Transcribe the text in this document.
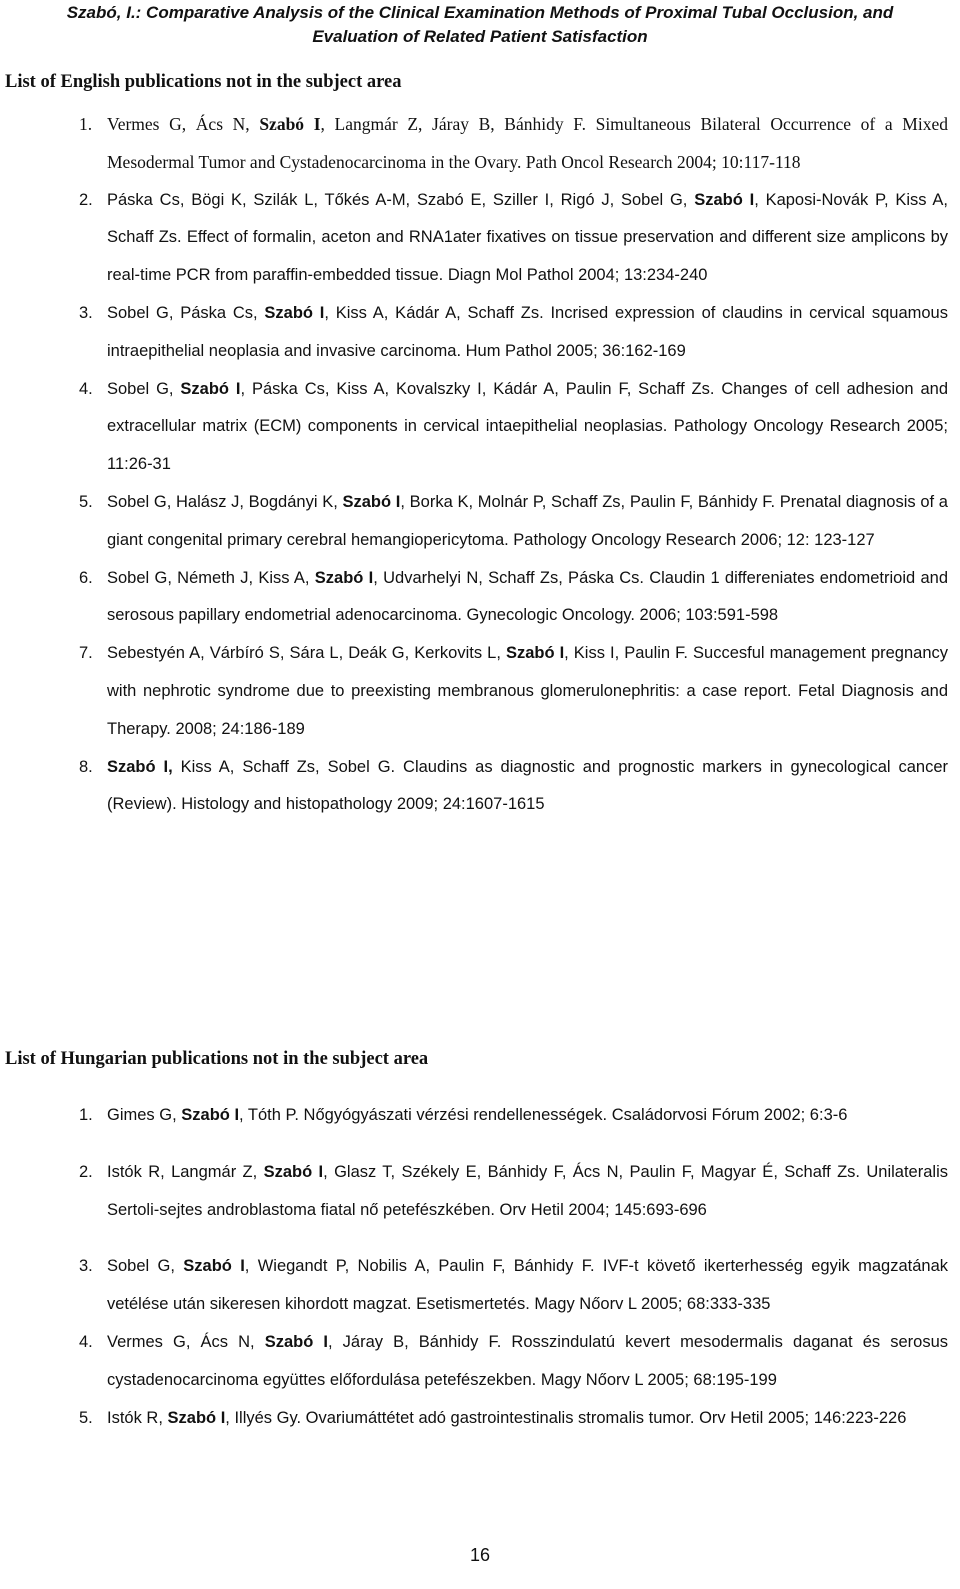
Szabó, I.: Comparative Analysis of the Clinical Examination Methods of Proximal Tubal Occlusion, and
Evaluation of Related Patient Satisfaction
List of English publications not in the subject area
1. Vermes G, Ács N, Szabó I, Langmár Z, Járay B, Bánhidy F. Simultaneous Bilateral Occurrence of a Mixed Mesodermal Tumor and Cystadenocarcinoma in the Ovary. Path Oncol Research 2004; 10:117-118
2. Páska Cs, Bögi K, Szilák L, Tőkés A-M, Szabó E, Sziller I, Rigó J, Sobel G, Szabó I, Kaposi-Novák P, Kiss A, Schaff Zs. Effect of formalin, aceton and RNA1ater fixatives on tissue preservation and different size amplicons by real-time PCR from paraffin-embedded tissue. Diagn Mol Pathol 2004; 13:234-240
3. Sobel G, Páska Cs, Szabó I, Kiss A, Kádár A, Schaff Zs. Incrised expression of claudins in cervical squamous intraepithelial neoplasia and invasive carcinoma. Hum Pathol 2005; 36:162-169
4. Sobel G, Szabó I, Páska Cs, Kiss A, Kovalszky I, Kádár A, Paulin F, Schaff Zs. Changes of cell adhesion and extracellular matrix (ECM) components in cervical intaepithelial neoplasias. Pathology Oncology Research 2005; 11:26-31
5. Sobel G, Halász J, Bogdányi K, Szabó I, Borka K, Molnár P, Schaff Zs, Paulin F, Bánhidy F. Prenatal diagnosis of a giant congenital primary cerebral hemangiopericytoma. Pathology Oncology Research 2006; 12: 123-127
6. Sobel G, Németh J, Kiss A, Szabó I, Udvarhelyi N, Schaff Zs, Páska Cs. Claudin 1 differeniates endometrioid and serosous papillary endometrial adenocarcinoma. Gynecologic Oncology. 2006; 103:591-598
7. Sebestyén A, Várbíró S, Sára L, Deák G, Kerkovits L, Szabó I, Kiss I, Paulin F. Succesful management pregnancy with nephrotic syndrome due to preexisting membranous glomerulonephritis: a case report. Fetal Diagnosis and Therapy. 2008; 24:186-189
8. Szabó I, Kiss A, Schaff Zs, Sobel G. Claudins as diagnostic and prognostic markers in gynecological cancer (Review). Histology and histopathology 2009; 24:1607-1615
List of Hungarian publications not in the subject area
1. Gimes G, Szabó I, Tóth P. Nőgyógyászati vérzési rendellenességek. Családorvosi Fórum 2002; 6:3-6
2. Istók R, Langmár Z, Szabó I, Glasz T, Székely E, Bánhidy F, Ács N, Paulin F, Magyar É, Schaff Zs. Unilateralis Sertoli-sejtes androblastoma fiatal nő petefészkében. Orv Hetil 2004; 145:693-696
3. Sobel G, Szabó I, Wiegandt P, Nobilis A, Paulin F, Bánhidy F. IVF-t követő ikerterhesség egyik magzatának vetélése után sikeresen kihordott magzat. Esetismertetés. Magy Nőorv L 2005; 68:333-335
4. Vermes G, Ács N, Szabó I, Járay B, Bánhidy F. Rosszindulatú kevert mesodermalis daganat és serosus cystadenocarcinoma együttes előfordulása petefészekben. Magy Nőorv L 2005; 68:195-199
5. Istók R, Szabó I, Illyés Gy. Ovariumáttétet adó gastrointestinalis stromalis tumor. Orv Hetil 2005; 146:223-226
16
